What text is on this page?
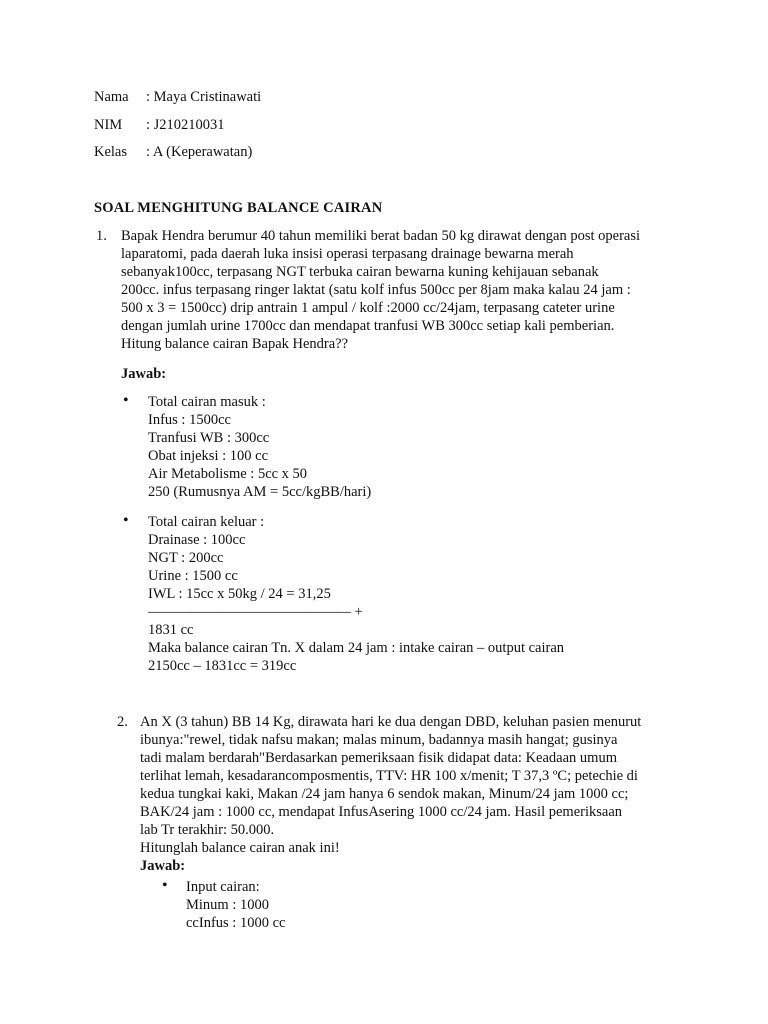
Nama : Maya Cristinawati
NIM : J210210031
Kelas : A (Keperawatan)
SOAL MENGHITUNG BALANCE CAIRAN
1. Bapak Hendra berumur 40 tahun memiliki berat badan 50 kg dirawat dengan post operasi
laparatomi, pada daerah luka insisi operasi terpasang drainage bewarna merah
sebanyak100cc, terpasang NGT terbuka cairan bewarna kuning kehijauan sebanak
200cc. infus terpasang ringer laktat (satu kolf infus 500cc per 8jam maka kalau 24 jam :
500 x 3 = 1500cc) drip antrain 1 ampul / kolf :2000 cc/24jam, terpasang cateter urine
dengan jumlah urine 1700cc dan mendapat tranfusi WB 300cc setiap kali pemberian.
Hitung balance cairan Bapak Hendra??
Jawab:
• Total cairan masuk :
Infus : 1500cc
Tranfusi WB : 300cc
Obat injeksi : 100 cc
Air Metabolisme : 5cc x 50
250 (Rumusnya AM = 5cc/kgBB/hari)
• Total cairan keluar :
Drainase : 100cc
NGT : 200cc
Urine : 1500 cc
IWL : 15cc x 50kg / 24 = 31,25
—————————————— +
1831 cc
Maka balance cairan Tn. X dalam 24 jam : intake cairan – output cairan
2150cc – 1831cc = 319cc
2. An X (3 tahun) BB 14 Kg, dirawata hari ke dua dengan DBD, keluhan pasien menurut
ibunya:"rewel, tidak nafsu makan; malas minum, badannya masih hangat; gusinya
tadi malam berdarah"Berdasarkan pemeriksaan fisik didapat data: Keadaan umum
terlihat lemah, kesadarancomposmentis, TTV: HR 100 x/menit; T 37,3 ºC; petechie di
kedua tungkai kaki, Makan /24 jam hanya 6 sendok makan, Minum/24 jam 1000 cc;
BAK/24 jam : 1000 cc, mendapat InfusAsering 1000 cc/24 jam. Hasil pemeriksaan
lab Tr terakhir: 50.000.
Hitunglah balance cairan anak ini!
Jawab:
• Input cairan:
Minum : 1000
ccInfus : 1000 cc
